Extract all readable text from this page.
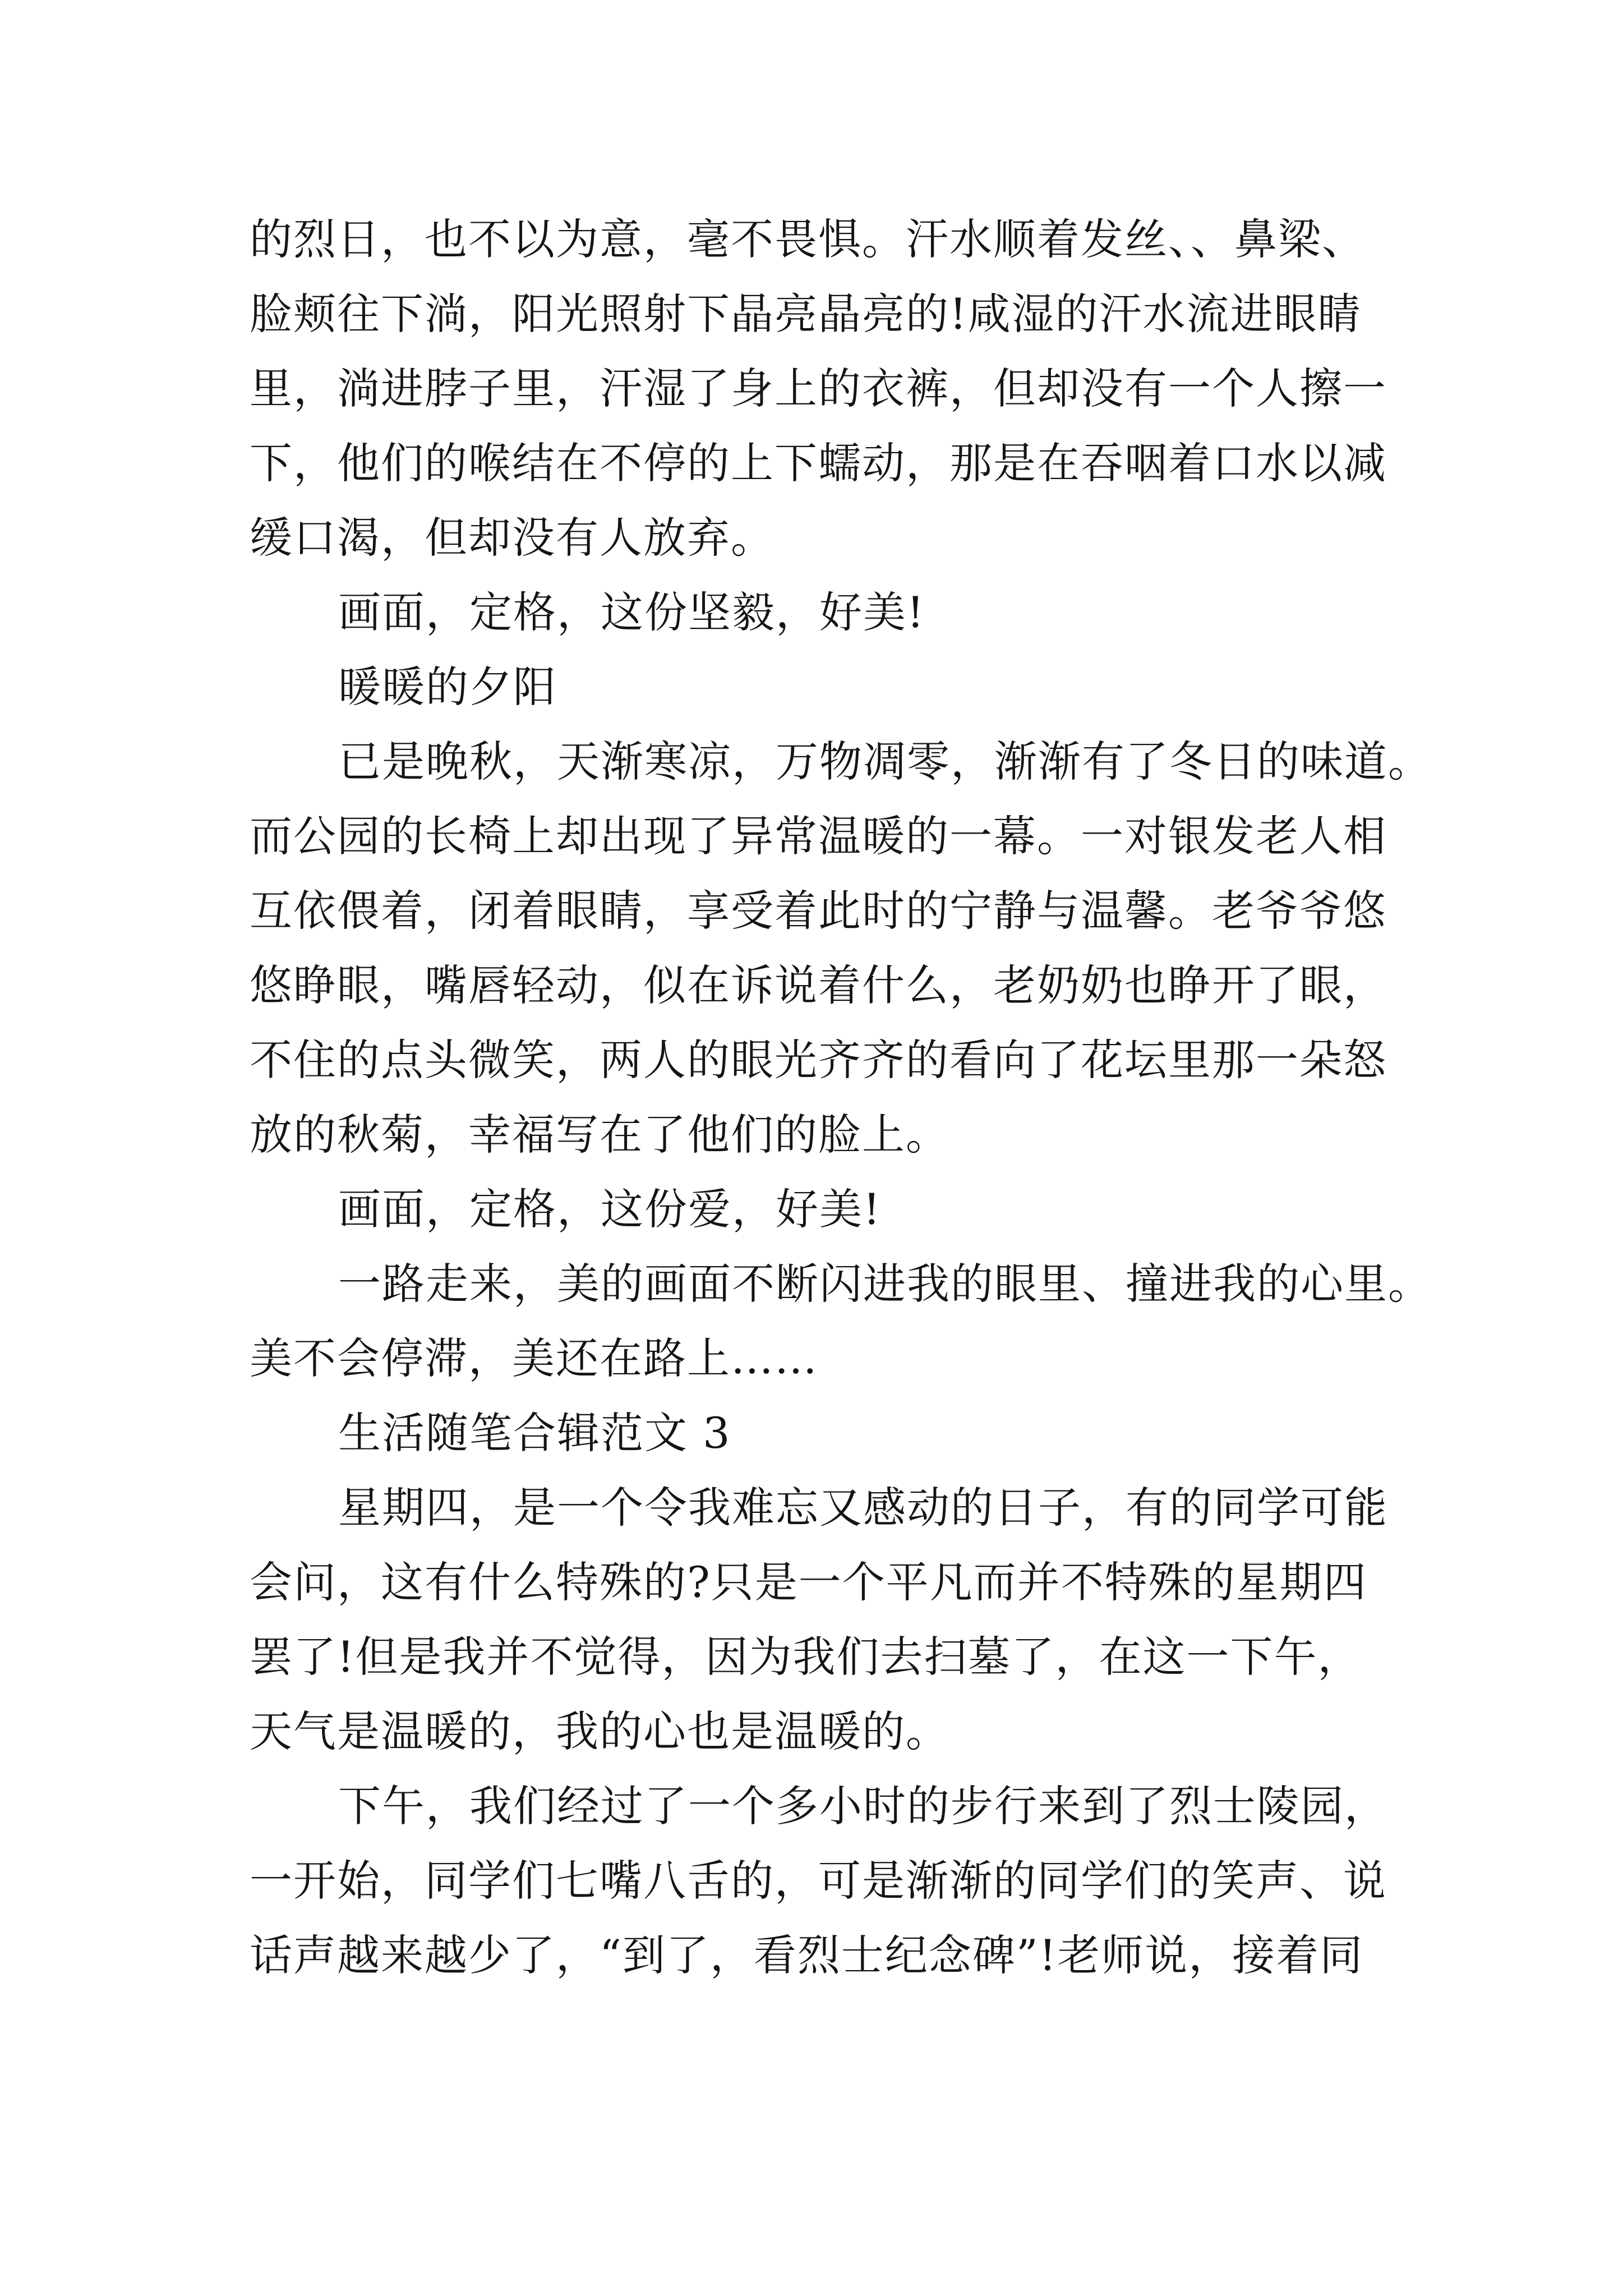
的烈日，也不以为意，毫不畏惧。汗水顺着发丝、、鼻梁、
脸颊往下淌，阳光照射下晶亮晶亮的!咸湿的汗水流进眼睛
里，淌进脖子里，汗湿了身上的衣裤，但却没有一个人擦一
下，他们的喉结在不停的上下蠕动，那是在吞咽着口水以减
缓口渴，但却没有人放弃。
画面，定格，这份坚毅，好美!
暖暖的夕阳
已是晚秋，天渐寒凉，万物凋零，渐渐有了冬日的味道。
而公园的长椅上却出现了异常温暖的一幕。一对银发老人相
互依偎着，闭着眼睛，享受着此时的宁静与温馨。老爷爷悠
悠睁眼，嘴唇轻动，似在诉说着什么，老奶奶也睁开了眼，
不住的点头微笑，两人的眼光齐齐的看向了花坛里那一朵怒
放的秋菊，幸福写在了他们的脸上。
画面，定格，这份爱，好美!
一路走来，美的画面不断闪进我的眼里、撞进我的心里。
美不会停滞，美还在路上……
生活随笔合辑范文 3
星期四，是一个令我难忘又感动的日子，有的同学可能
会问，这有什么特殊的?只是一个平凡而并不特殊的星期四
罢了!但是我并不觉得，因为我们去扫墓了，在这一下午，
天气是温暖的，我的心也是温暖的。
下午，我们经过了一个多小时的步行来到了烈士陵园，
一开始，同学们七嘴八舌的，可是渐渐的同学们的笑声、说
话声越来越少了，“到了，看烈士纪念碑”!老师说，接着同
